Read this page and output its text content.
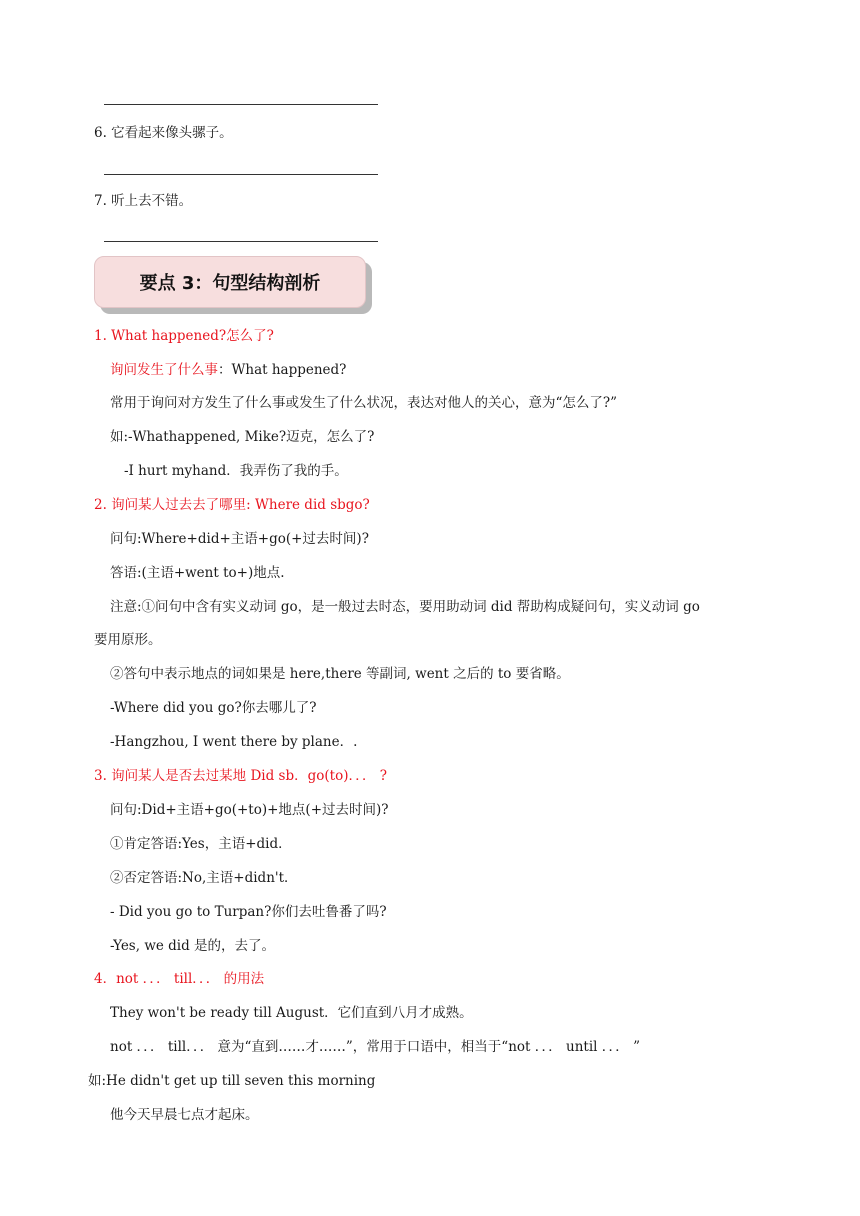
6. 它看起来像头骡子。
7. 听上去不错。
要点 3：句型结构剖析
1. What happened?怎么了?
询问发生了什么事：What happened?
常用于询问对方发生了什么事或发生了什么状况，表达对他人的关心，意为“怎么了?”
如:-Whathappened, Mike?迈克，怎么了?
-I hurt myhand．我弄伤了我的手。
2. 询问某人过去去了哪里: Where did sbgo?
问句:Where+did+主语+go(+过去时间)?
答语:(主语+went to+)地点.
注意:①问句中含有实义动词 go，是一般过去时态，要用助动词 did 帮助构成疑问句，实义动词 go
要用原形。
②答句中表示地点的词如果是 here,there 等副词, went 之后的 to 要省略。
-Where did you go?你去哪儿了?
-Hangzhou, I went there by plane．.
3. 询问某人是否去过某地 Did sb．go(to)．．． ?
问句:Did+主语+go(+to)+地点(+过去时间)?
①肯定答语:Yes，主语+did．
②否定答语:No,主语+didn't．
- Did you go to Turpan?你们去吐鲁番了吗?
-Yes, we did 是的，去了。
4．not ．．． till．．． 的用法
They won't be ready till August．它们直到八月才成熟。
not ．．． till．．． 意为“直到……才……”，常用于口语中，相当于“not ．．． until ．．． ”
如:He didn't get up till seven this morning
他今天早晨七点才起床。
